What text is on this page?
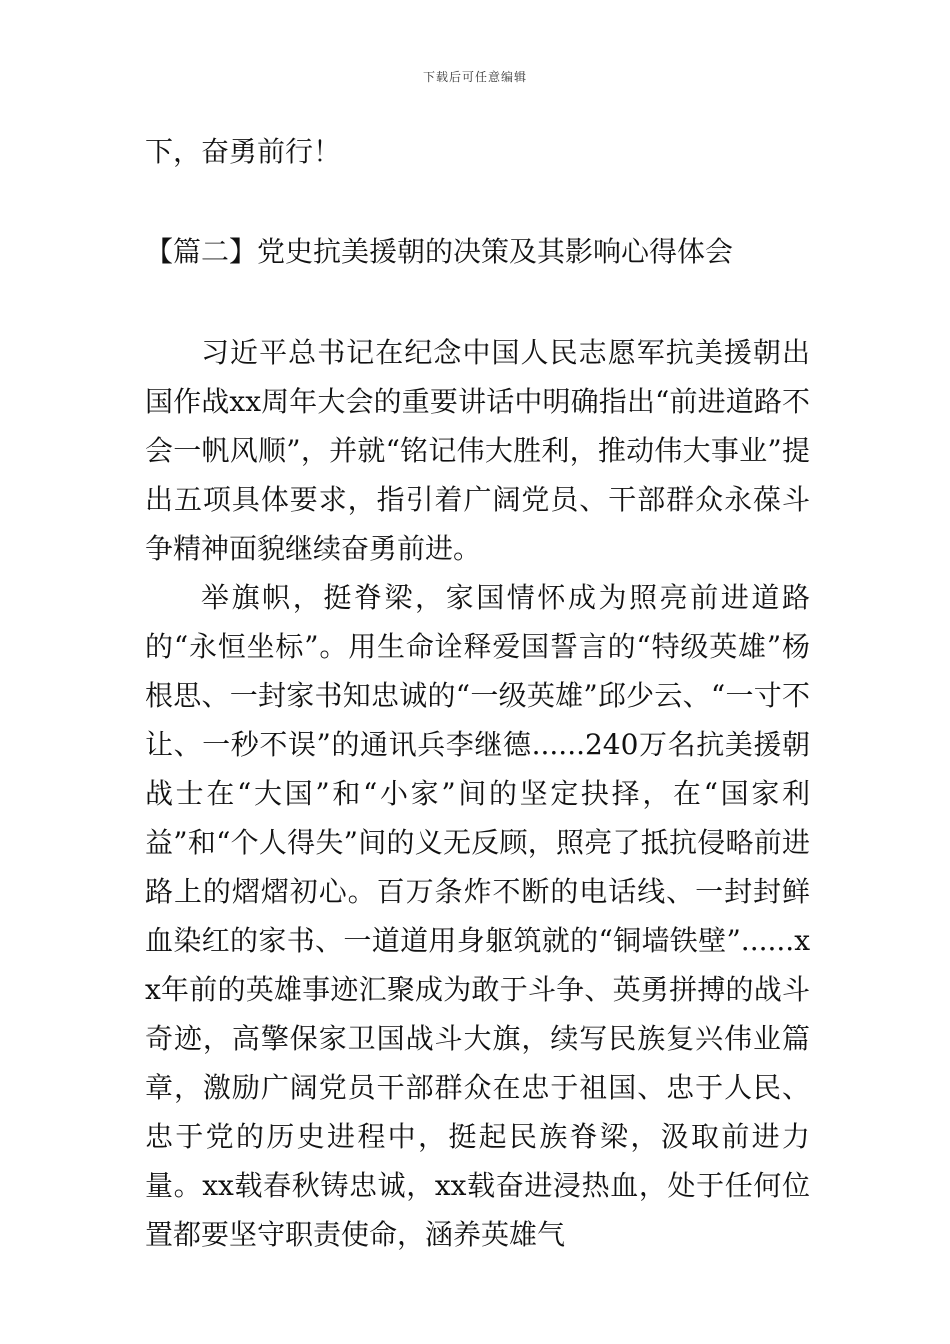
下载后可任意编辑

下，奋勇前行！

【篇二】党史抗美援朝的决策及其影响心得体会

习近平总书记在纪念中国人民志愿军抗美援朝出国作战xx周年大会的重要讲话中明确指出“前进道路不会一帆风顺”，并就“铭记伟大胜利，推动伟大事业”提出五项具体要求，指引着广阔党员、干部群众永葆斗争精神面貌继续奋勇前进。

举旗帜，挺脊梁，家国情怀成为照亮前进道路的“永恒坐标”。用生命诠释爱国誓言的“特级英雄”杨根思、一封家书知忠诚的“一级英雄”邱少云、“一寸不让、一秒不误”的通讯兵李继德......240万名抗美援朝战士在“大国”和“小家”间的坚定抉择，在“国家利益”和“个人得失”间的义无反顾，照亮了抵抗侵略前进路上的熠熠初心。百万条炸不断的电话线、一封封鲜血染红的家书、一道道用身躯筑就的“铜墙铁壁”......xx年前的英雄事迹汇聚成为敢于斗争、英勇拼搏的战斗奇迹，高擎保家卫国战斗大旗，续写民族复兴伟业篇章，激励广阔党员干部群众在忠于祖国、忠于人民、忠于党的历史进程中，挺起民族脊梁，汲取前进力量。xx载春秋铸忠诚，xx载奋进浸热血，处于任何位置都要坚守职责使命，涵养英雄气
